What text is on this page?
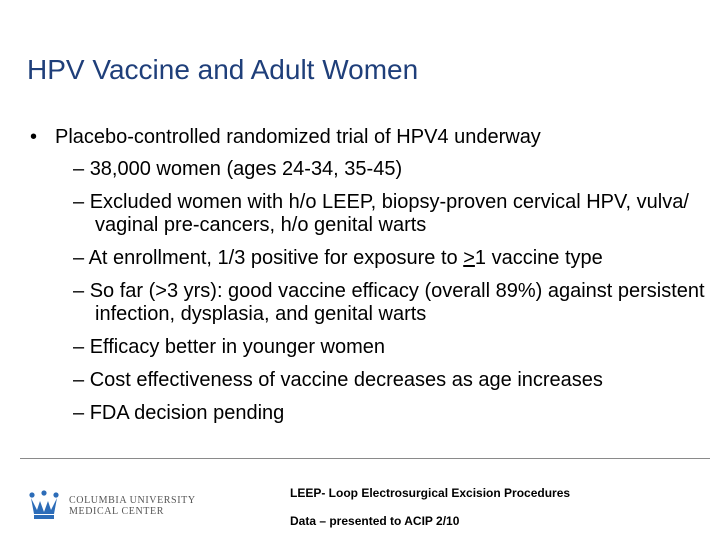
HPV Vaccine and Adult Women
• Placebo-controlled randomized trial of HPV4 underway
– 38,000 women (ages 24-34, 35-45)
– Excluded women with h/o LEEP, biopsy-proven cervical HPV, vulva/ vaginal pre-cancers, h/o genital warts
– At enrollment, 1/3 positive for exposure to >1 vaccine type
– So far (>3 yrs): good vaccine efficacy (overall 89%) against persistent infection, dysplasia, and genital warts
– Efficacy better in younger women
– Cost effectiveness of vaccine decreases as age increases
– FDA decision pending
COLUMBIA UNIVERSITY
MEDICAL CENTER
LEEP- Loop Electrosurgical Excision Procedures
Data – presented to ACIP 2/10
